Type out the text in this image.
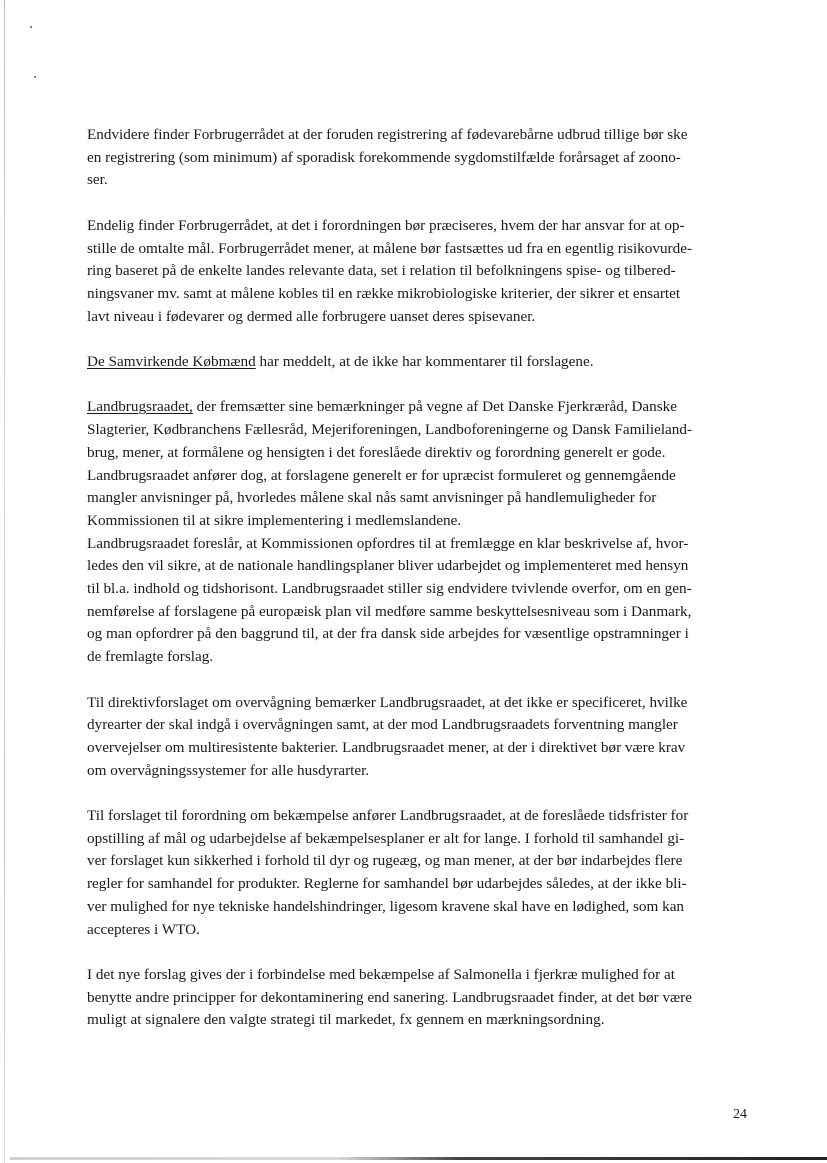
Endvidere finder Forbrugerrådet at der foruden registrering af fødevarebårne udbrud tillige bør ske
en registrering (som minimum) af sporadisk forekommende sygdomstilfælde forårsaget af zoono-
ser.

Endelig finder Forbrugerrådet, at det i forordningen bør præciseres, hvem der har ansvar for at op-
stille de omtalte mål. Forbrugerrådet mener, at målene bør fastsættes ud fra en egentlig risikovurde-
ring baseret på de enkelte landes relevante data, set i relation til befolkningens spise- og tilbered-
ningsvaner mv. samt at målene kobles til en række mikrobiologiske kriterier, der sikrer et ensartet
lavt niveau i fødevarer og dermed alle forbrugere uanset deres spisevaner.

De Samvirkende Købmænd har meddelt, at de ikke har kommentarer til forslagene.

Landbrugsraadet, der fremsætter sine bemærkninger på vegne af Det Danske Fjerkræråd, Danske
Slagterier, Kødbranchens Fællesråd, Mejeriforeningen, Landboforeningerne og Dansk Familieland-
brug, mener, at formålene og hensigten i det foreslåede direktiv og forordning generelt er gode.
Landbrugsraadet anfører dog, at forslagene generelt er for upræcist formuleret og gennemgående
mangler anvisninger på, hvorledes målene skal nås samt anvisninger på handlemuligheder for
Kommissionen til at sikre implementering i medlemslandene.
Landbrugsraadet foreslår, at Kommissionen opfordres til at fremlægge en klar beskrivelse af, hvor-
ledes den vil sikre, at de nationale handlingsplaner bliver udarbejdet og implementeret med hensyn
til bl.a. indhold og tidshorisont. Landbrugsraadet stiller sig endvidere tvivlende overfor, om en gen-
nemførelse af forslagene på europæisk plan vil medføre samme beskyttelsesniveau som i Danmark,
og man opfordrer på den baggrund til, at der fra dansk side arbejdes for væsentlige opstramninger i
de fremlagte forslag.

Til direktivforslaget om overvågning bemærker Landbrugsraadet, at det ikke er specificeret, hvilke
dyrearter der skal indgå i overvågningen samt, at der mod Landbrugsraadets forventning mangler
overvejelser om multiresistente bakterier. Landbrugsraadet mener, at der i direktivet bør være krav
om overvågningssystemer for alle husdyrarter.

Til forslaget til forordning om bekæmpelse anfører Landbrugsraadet, at de foreslåede tidsfrister for
opstilling af mål og udarbejdelse af bekæmpelsesplaner er alt for lange. I forhold til samhandel gi-
ver forslaget kun sikkerhed i forhold til dyr og rugeæg, og man mener, at der bør indarbejdes flere
regler for samhandel for produkter. Reglerne for samhandel bør udarbejdes således, at der ikke bli-
ver mulighed for nye tekniske handelshindringer, ligesom kravene skal have en lødighed, som kan
accepteres i WTO.

I det nye forslag gives der i forbindelse med bekæmpelse af Salmonella i fjerkræ mulighed for at
benytte andre principper for dekontaminering end sanering. Landbrugsraadet finder, at det bør være
muligt at signalere den valgte strategi til markedet, fx gennem en mærkningsordning.

24
